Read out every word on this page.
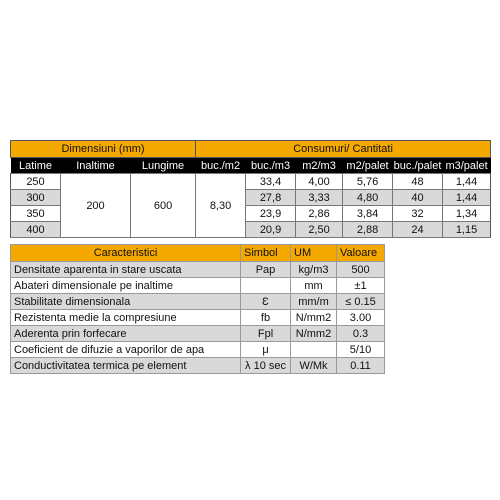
Dimensiuni (mm)			Consumuri/ Cantitati					
Latime	Inaltime	Lungime	buc./m2	buc./m3	m2/m3	m2/palet	buc./palet	m3/palet
250	200	600	8,30	33,4	4,00	5,76	48	1,44
300				27,8	3,33	4,80	40	1,44
350				23,9	2,86	3,84	32	1,34
400				20,9	2,50	2,88	24	1,15
Caracteristici	Simbol	UM	Valoare
Densitate aparenta in stare uscata	Pap	kg/m3	500
Abateri dimensionale pe inaltime		mm	±1
Stabilitate dimensionala	Ɛ	mm/m	≤ 0.15
Rezistenta medie la compresiune	fb	N/mm2	3.00
Aderenta prin forfecare	Fpl	N/mm2	0.3
Coeficient de difuzie a vaporilor de apa	μ		5/10
Conductivitatea termica pe element	λ 10 sec	W/Mk	0.11
